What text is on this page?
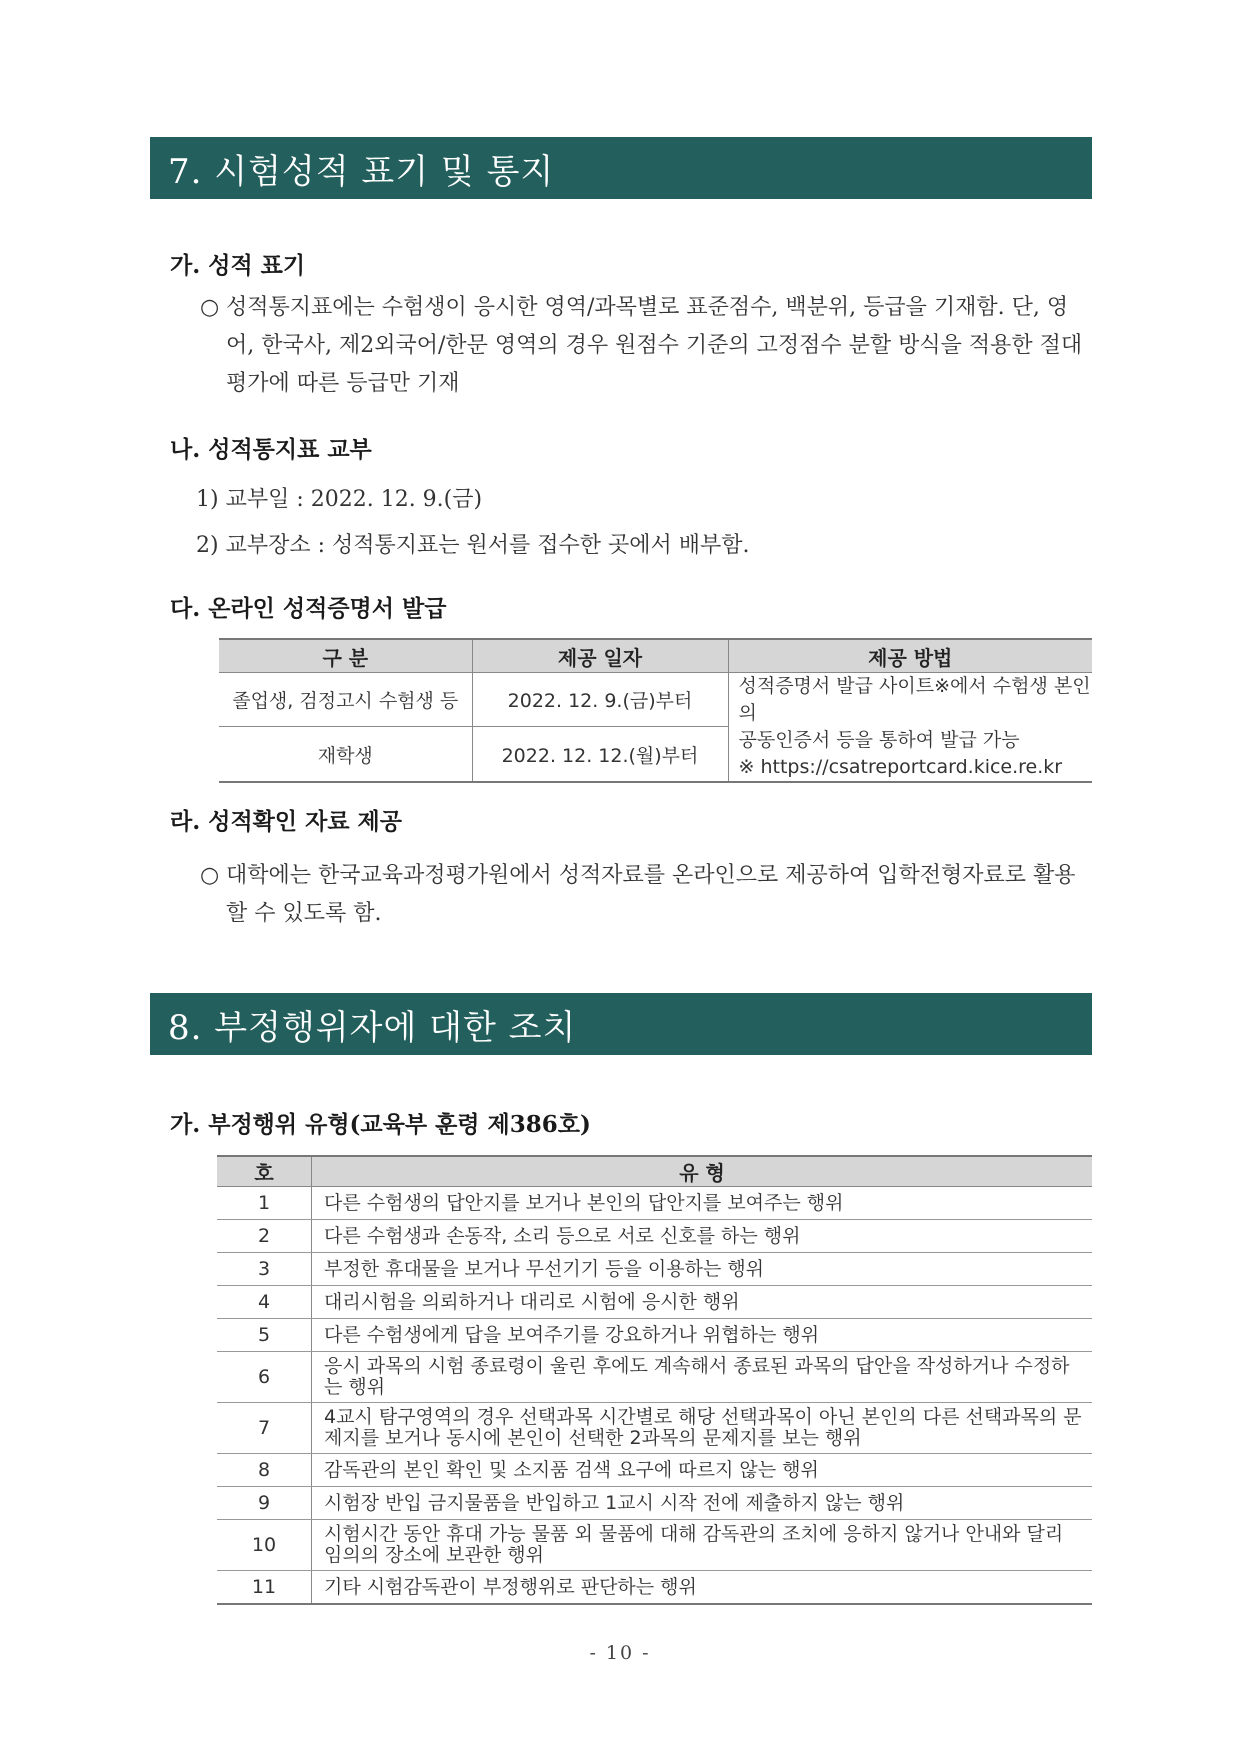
7. 시험성적 표기 및 통지
가. 성적 표기
○ 성적통지표에는 수험생이 응시한 영역/과목별로 표준점수, 백분위, 등급을 기재함. 단, 영어, 한국사, 제2외국어/한문 영역의 경우 원점수 기준의 고정점수 분할 방식을 적용한 절대 평가에 따른 등급만 기재
나. 성적통지표 교부
1) 교부일 : 2022. 12. 9.(금)
2) 교부장소 : 성적통지표는 원서를 접수한 곳에서 배부함.
다. 온라인 성적증명서 발급
구 분	제공 일자	제공 방법
졸업생, 검정고시 수험생 등	2022. 12. 9.(금)부터	성적증명서 발급 사이트※에서 수험생 본인의
공동인증서 등을 통하여 발급 가능
※ https://csatreportcard.kice.re.kr

재학생	2022. 12. 12.(월)부터	
라. 성적확인 자료 제공
○ 대학에는 한국교육과정평가원에서 성적자료를 온라인으로 제공하여 입학전형자료로 활용할 수 있도록 함.
8. 부정행위자에 대한 조치
가. 부정행위 유형(교육부 훈령 제386호)
호	유 형
1	다른 수험생의 답안지를 보거나 본인의 답안지를 보여주는 행위
2	다른 수험생과 손동작, 소리 등으로 서로 신호를 하는 행위
3	부정한 휴대물을 보거나 무선기기 등을 이용하는 행위
4	대리시험을 의뢰하거나 대리로 시험에 응시한 행위
5	다른 수험생에게 답을 보여주기를 강요하거나 위협하는 행위
6	응시 과목의 시험 종료령이 울린 후에도 계속해서 종료된 과목의 답안을 작성하거나 수정하는 행위
7	4교시 탐구영역의 경우 선택과목 시간별로 해당 선택과목이 아닌 본인의 다른 선택과목의 문제지를 보거나 동시에 본인이 선택한 2과목의 문제지를 보는 행위
8	감독관의 본인 확인 및 소지품 검색 요구에 따르지 않는 행위
9	시험장 반입 금지물품을 반입하고 1교시 시작 전에 제출하지 않는 행위
10	시험시간 동안 휴대 가능 물품 외 물품에 대해 감독관의 조치에 응하지 않거나 안내와 달리 임의의 장소에 보관한 행위
11	기타 시험감독관이 부정행위로 판단하는 행위
- 10 -
